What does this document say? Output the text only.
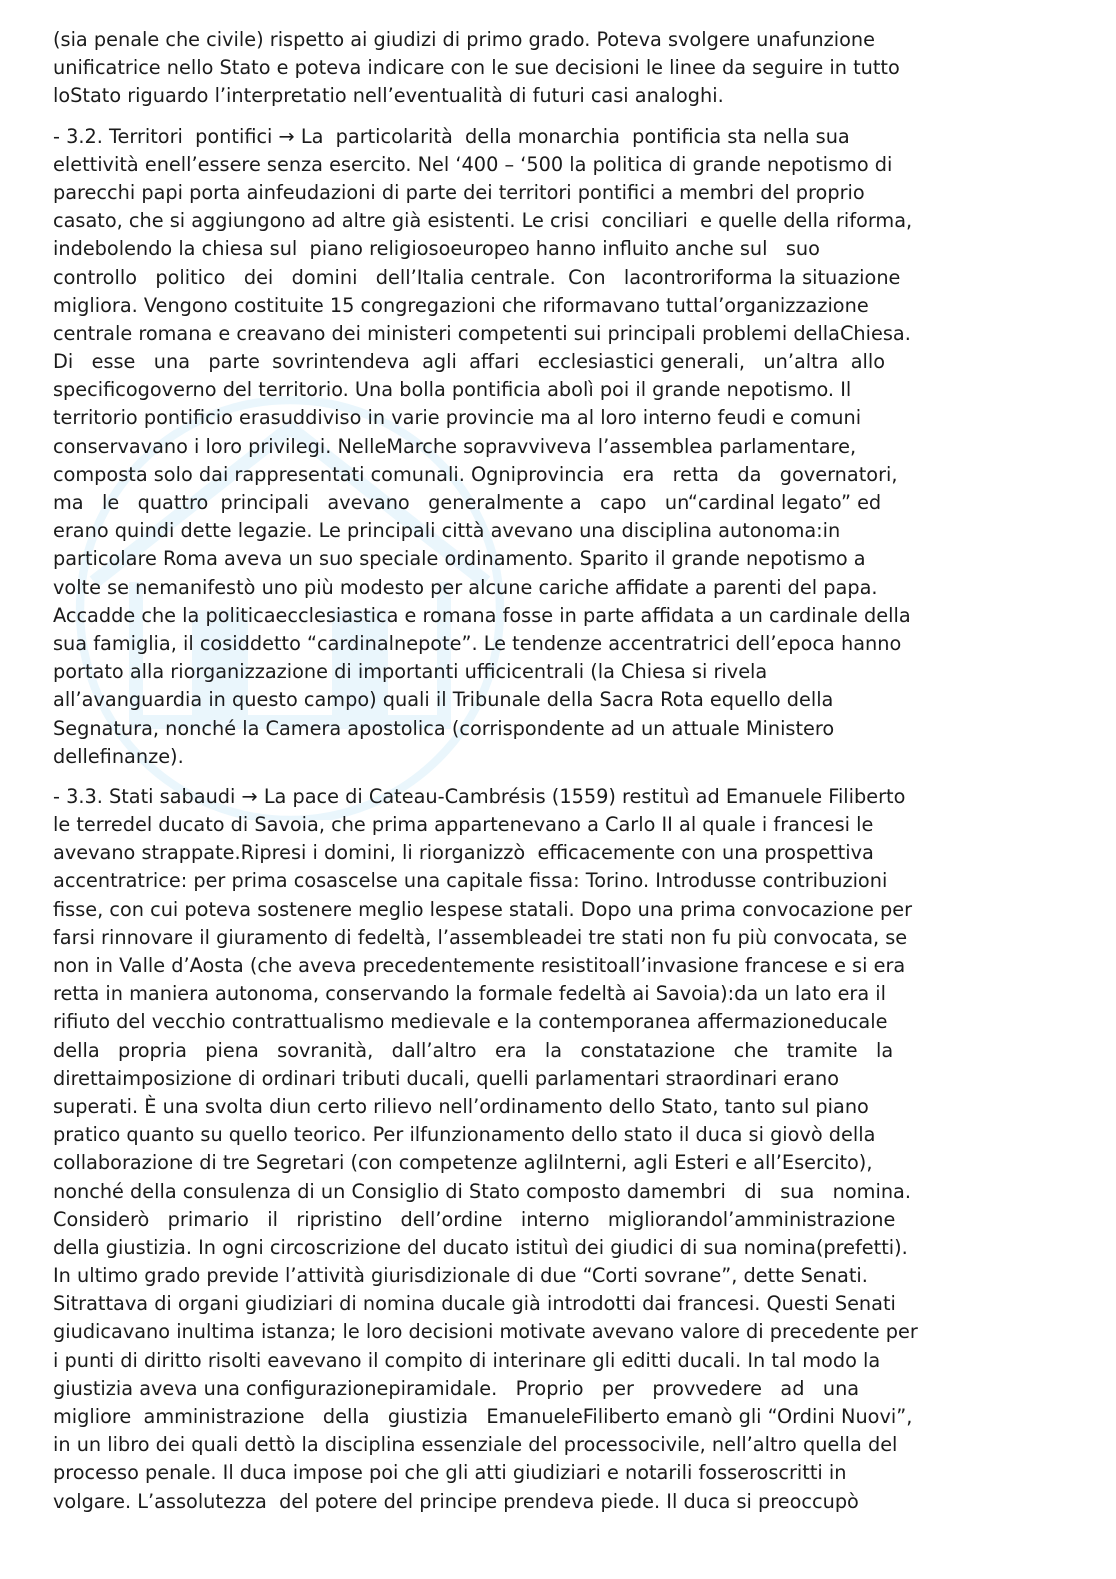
(sia penale che civile) rispetto ai giudizi di primo grado. Poteva svolgere unafunzione
unificatrice nello Stato e poteva indicare con le sue decisioni le linee da seguire in tutto
loStato riguardo l’interpretatio nell’eventualità di futuri casi analoghi.
- 3.2. Territori  pontifici → La  particolarità  della monarchia  pontificia sta nella sua
elettività enell’essere senza esercito. Nel ‘400 – ‘500 la politica di grande nepotismo di
parecchi papi porta ainfeudazioni di parte dei territori pontifici a membri del proprio
casato, che si aggiungono ad altre già esistenti. Le crisi  conciliari  e quelle della riforma,
indebolendo la chiesa sul  piano religiosoeuropeo hanno influito anche sul   suo
controllo   politico   dei   domini   dell’Italia centrale.  Con   lacontroriforma la situazione
migliora. Vengono costituite 15 congregazioni che riformavano tuttal’organizzazione
centrale romana e creavano dei ministeri competenti sui principali problemi dellaChiesa.
Di   esse   una   parte  sovrintendeva  agli  affari   ecclesiastici generali,   un’altra  allo
specificogoverno del territorio. Una bolla pontificia abolì poi il grande nepotismo. Il
territorio pontificio erasuddiviso in varie provincie ma al loro interno feudi e comuni
conservavano i loro privilegi. NelleMarche sopravviveva l’assemblea parlamentare,
composta solo dai rappresentati comunali. Ogniprovincia   era   retta   da   governatori,
ma   le   quattro  principali   avevano   generalmente a   capo   un“cardinal legato” ed
erano quindi dette legazie. Le principali città avevano una disciplina autonoma:in
particolare Roma aveva un suo speciale ordinamento. Sparito il grande nepotismo a
volte se nemanifestò uno più modesto per alcune cariche affidate a parenti del papa.
Accadde che la politicaecclesiastica e romana fosse in parte affidata a un cardinale della
sua famiglia, il cosiddetto “cardinalnepote”. Le tendenze accentratrici dell’epoca hanno
portato alla riorganizzazione di importanti ufficicentrali (la Chiesa si rivela
all’avanguardia in questo campo) quali il Tribunale della Sacra Rota equello della
Segnatura, nonché la Camera apostolica (corrispondente ad un attuale Ministero
dellefinanze).
- 3.3. Stati sabaudi → La pace di Cateau-Cambrésis (1559) restituì ad Emanuele Filiberto
le terredel ducato di Savoia, che prima appartenevano a Carlo II al quale i francesi le
avevano strappate.Ripresi i domini, li riorganizzò  efficacemente con una prospettiva
accentratrice: per prima cosascelse una capitale fissa: Torino. Introdusse contribuzioni
fisse, con cui poteva sostenere meglio lespese statali. Dopo una prima convocazione per
farsi rinnovare il giuramento di fedeltà, l’assembleadei tre stati non fu più convocata, se
non in Valle d’Aosta (che aveva precedentemente resistitoall’invasione francese e si era
retta in maniera autonoma, conservando la formale fedeltà ai Savoia):da un lato era il
rifiuto del vecchio contrattualismo medievale e la contemporanea affermazioneducale
della   propria   piena   sovranità,   dall’altro   era   la   constatazione   che   tramite   la
direttaimposizione di ordinari tributi ducali, quelli parlamentari straordinari erano
superati. È una svolta diun certo rilievo nell’ordinamento dello Stato, tanto sul piano
pratico quanto su quello teorico. Per ilfunzionamento dello stato il duca si giovò della
collaborazione di tre Segretari (con competenze agliInterni, agli Esteri e all’Esercito),
nonché della consulenza di un Consiglio di Stato composto damembri   di   sua   nomina.
Considerò   primario   il   ripristino   dell’ordine   interno   migliorandol’amministrazione
della giustizia. In ogni circoscrizione del ducato istituì dei giudici di sua nomina(prefetti).
In ultimo grado previde l’attività giurisdizionale di due “Corti sovrane”, dette Senati.
Sitrattava di organi giudiziari di nomina ducale già introdotti dai francesi. Questi Senati
giudicavano inultima istanza; le loro decisioni motivate avevano valore di precedente per
i punti di diritto risolti eavevano il compito di interinare gli editti ducali. In tal modo la
giustizia aveva una configurazionepiramidale.   Proprio   per   provvedere   ad   una
migliore  amministrazione   della   giustizia   EmanueleFiliberto emanò gli “Ordini Nuovi”,
in un libro dei quali dettò la disciplina essenziale del processocivile, nell’altro quella del
processo penale. Il duca impose poi che gli atti giudiziari e notarili fosseroscritti in
volgare. L’assolutezza  del potere del principe prendeva piede. Il duca si preoccupò
